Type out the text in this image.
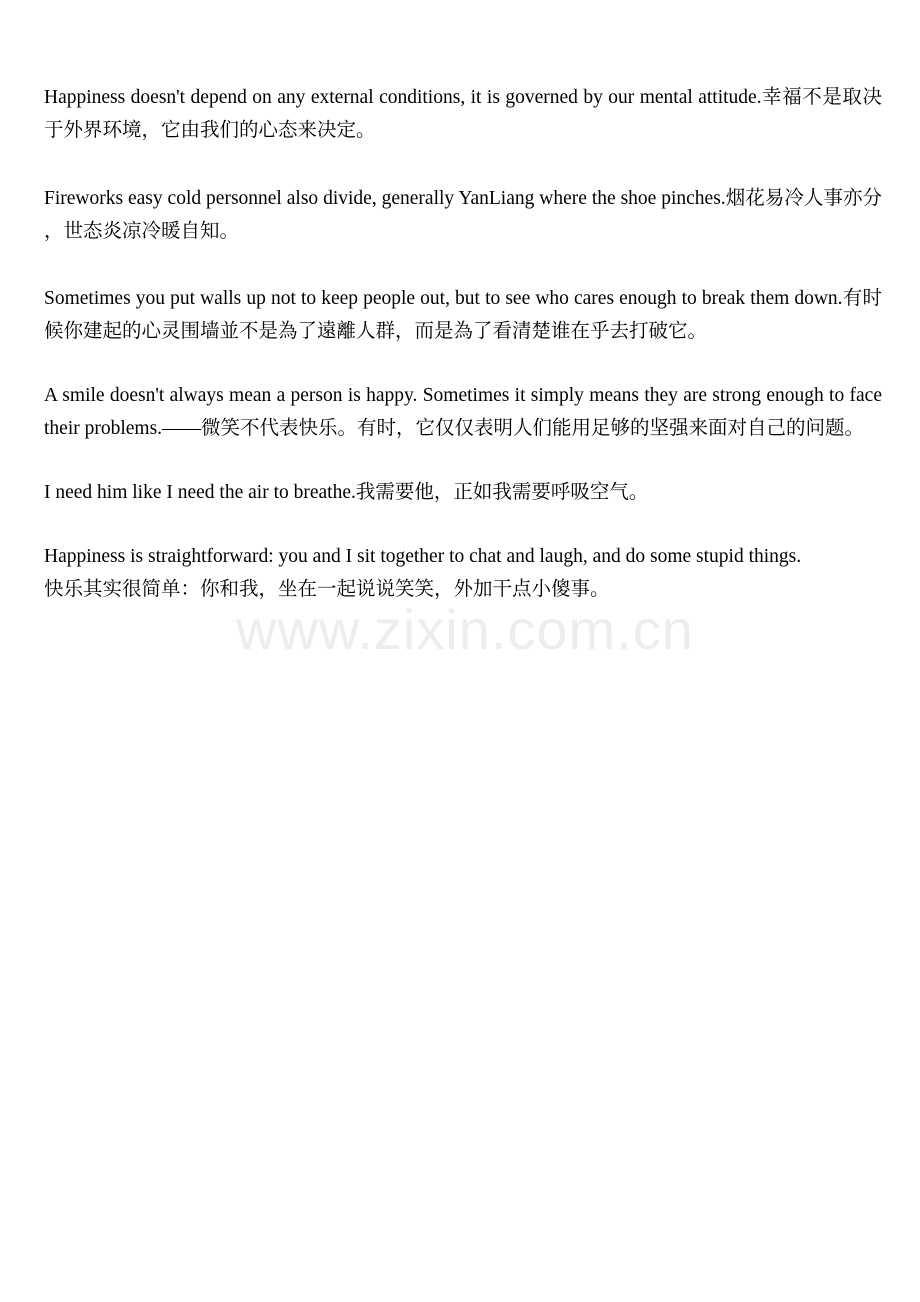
Happiness doesn't depend on any external conditions, it is governed by our mental attitude.幸福不是取决于外界环境，它由我们的心态来决定。

Fireworks easy cold personnel also divide, generally YanLiang where the shoe pinches.烟花易冷人事亦分 ，世态炎凉冷暖自知。

Sometimes you put walls up not to keep people out, but to see who cares enough to break them down.有时候你建起的心灵围墙並不是為了遠離人群，而是為了看清楚谁在乎去打破它。

A smile doesn't always mean a person is happy. Sometimes it simply means they are strong enough to face their problems.——微笑不代表快乐。有时，它仅仅表明人们能用足够的坚强来面对自己的问题。

I need him like I need the air to breathe.我需要他，正如我需要呼吸空气。

Happiness is straightforward: you and I sit together to chat and laugh, and do some stupid things.
快乐其实很简单：你和我，坐在一起说说笑笑，外加干点小傻事。
www.zixin.com.cn
